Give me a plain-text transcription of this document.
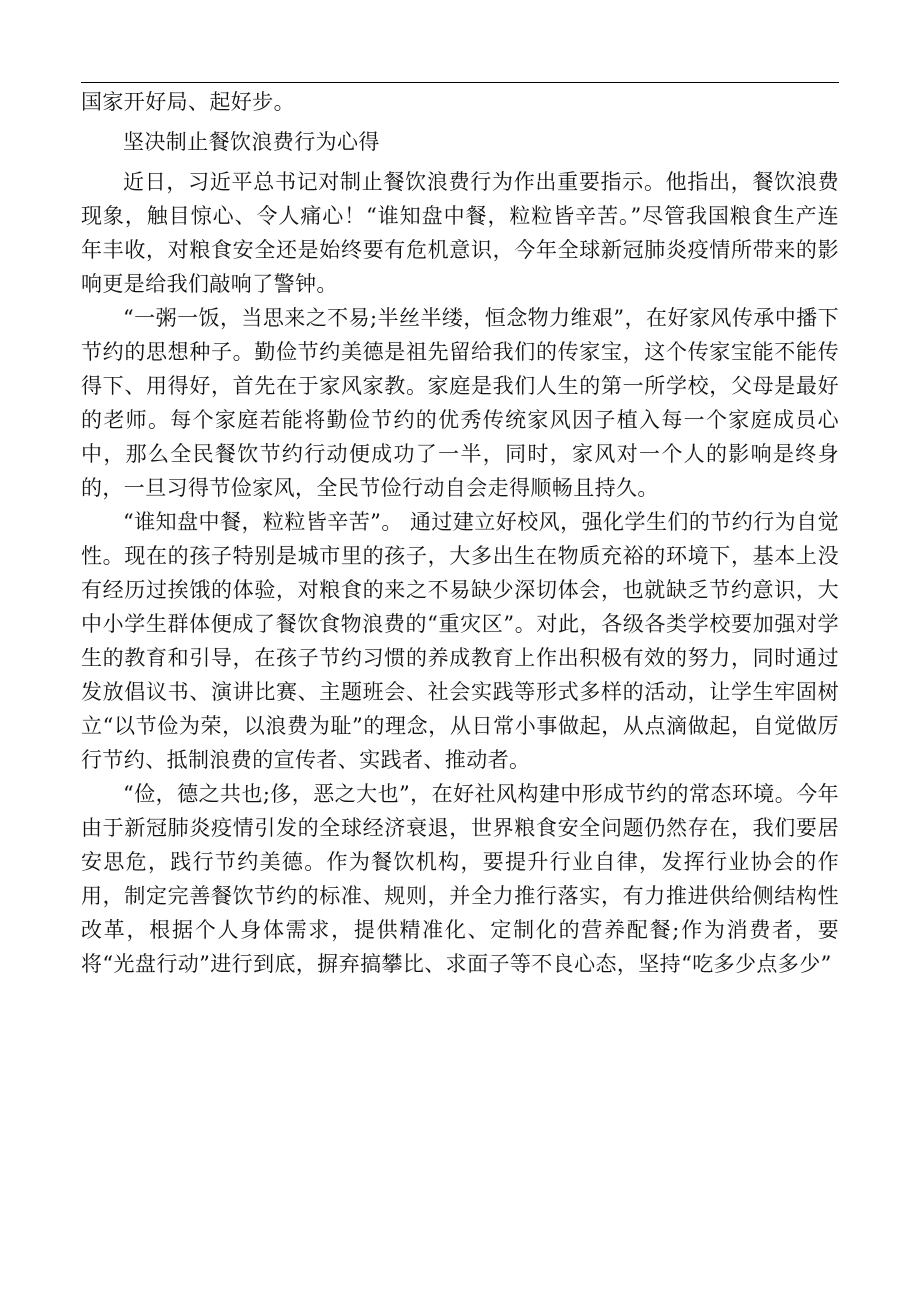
国家开好局、起好步。

坚决制止餐饮浪费行为心得

近日，习近平总书记对制止餐饮浪费行为作出重要指示。他指出，餐饮浪费现象，触目惊心、令人痛心！“谁知盘中餐，粒粒皆辛苦。”尽管我国粮食生产连年丰收，对粮食安全还是始终要有危机意识，今年全球新冠肺炎疫情所带来的影响更是给我们敲响了警钟。

“一粥一饭，当思来之不易;半丝半缕，恒念物力维艰”，在好家风传承中播下节约的思想种子。勤俭节约美德是祖先留给我们的传家宝，这个传家宝能不能传得下、用得好，首先在于家风家教。家庭是我们人生的第一所学校，父母是最好的老师。每个家庭若能将勤俭节约的优秀传统家风因子植入每一个家庭成员心中，那么全民餐饮节约行动便成功了一半，同时，家风对一个人的影响是终身的，一旦习得节俭家风，全民节俭行动自会走得顺畅且持久。

“谁知盘中餐，粒粒皆辛苦”。 通过建立好校风，强化学生们的节约行为自觉性。现在的孩子特别是城市里的孩子，大多出生在物质充裕的环境下，基本上没有经历过挨饿的体验，对粮食的来之不易缺少深切体会，也就缺乏节约意识，大中小学生群体便成了餐饮食物浪费的“重灾区”。对此，各级各类学校要加强对学生的教育和引导，在孩子节约习惯的养成教育上作出积极有效的努力，同时通过发放倡议书、演讲比赛、主题班会、社会实践等形式多样的活动，让学生牢固树立“以节俭为荣，以浪费为耻”的理念，从日常小事做起，从点滴做起，自觉做厉行节约、抵制浪费的宣传者、实践者、推动者。

“俭，德之共也;侈，恶之大也”，在好社风构建中形成节约的常态环境。今年由于新冠肺炎疫情引发的全球经济衰退，世界粮食安全问题仍然存在，我们要居安思危，践行节约美德。作为餐饮机构，要提升行业自律，发挥行业协会的作用，制定完善餐饮节约的标准、规则，并全力推行落实，有力推进供给侧结构性改革，根据个人身体需求，提供精准化、定制化的营养配餐;作为消费者，要将“光盘行动”进行到底，摒弃搞攀比、求面子等不良心态，坚持“吃多少点多少”
